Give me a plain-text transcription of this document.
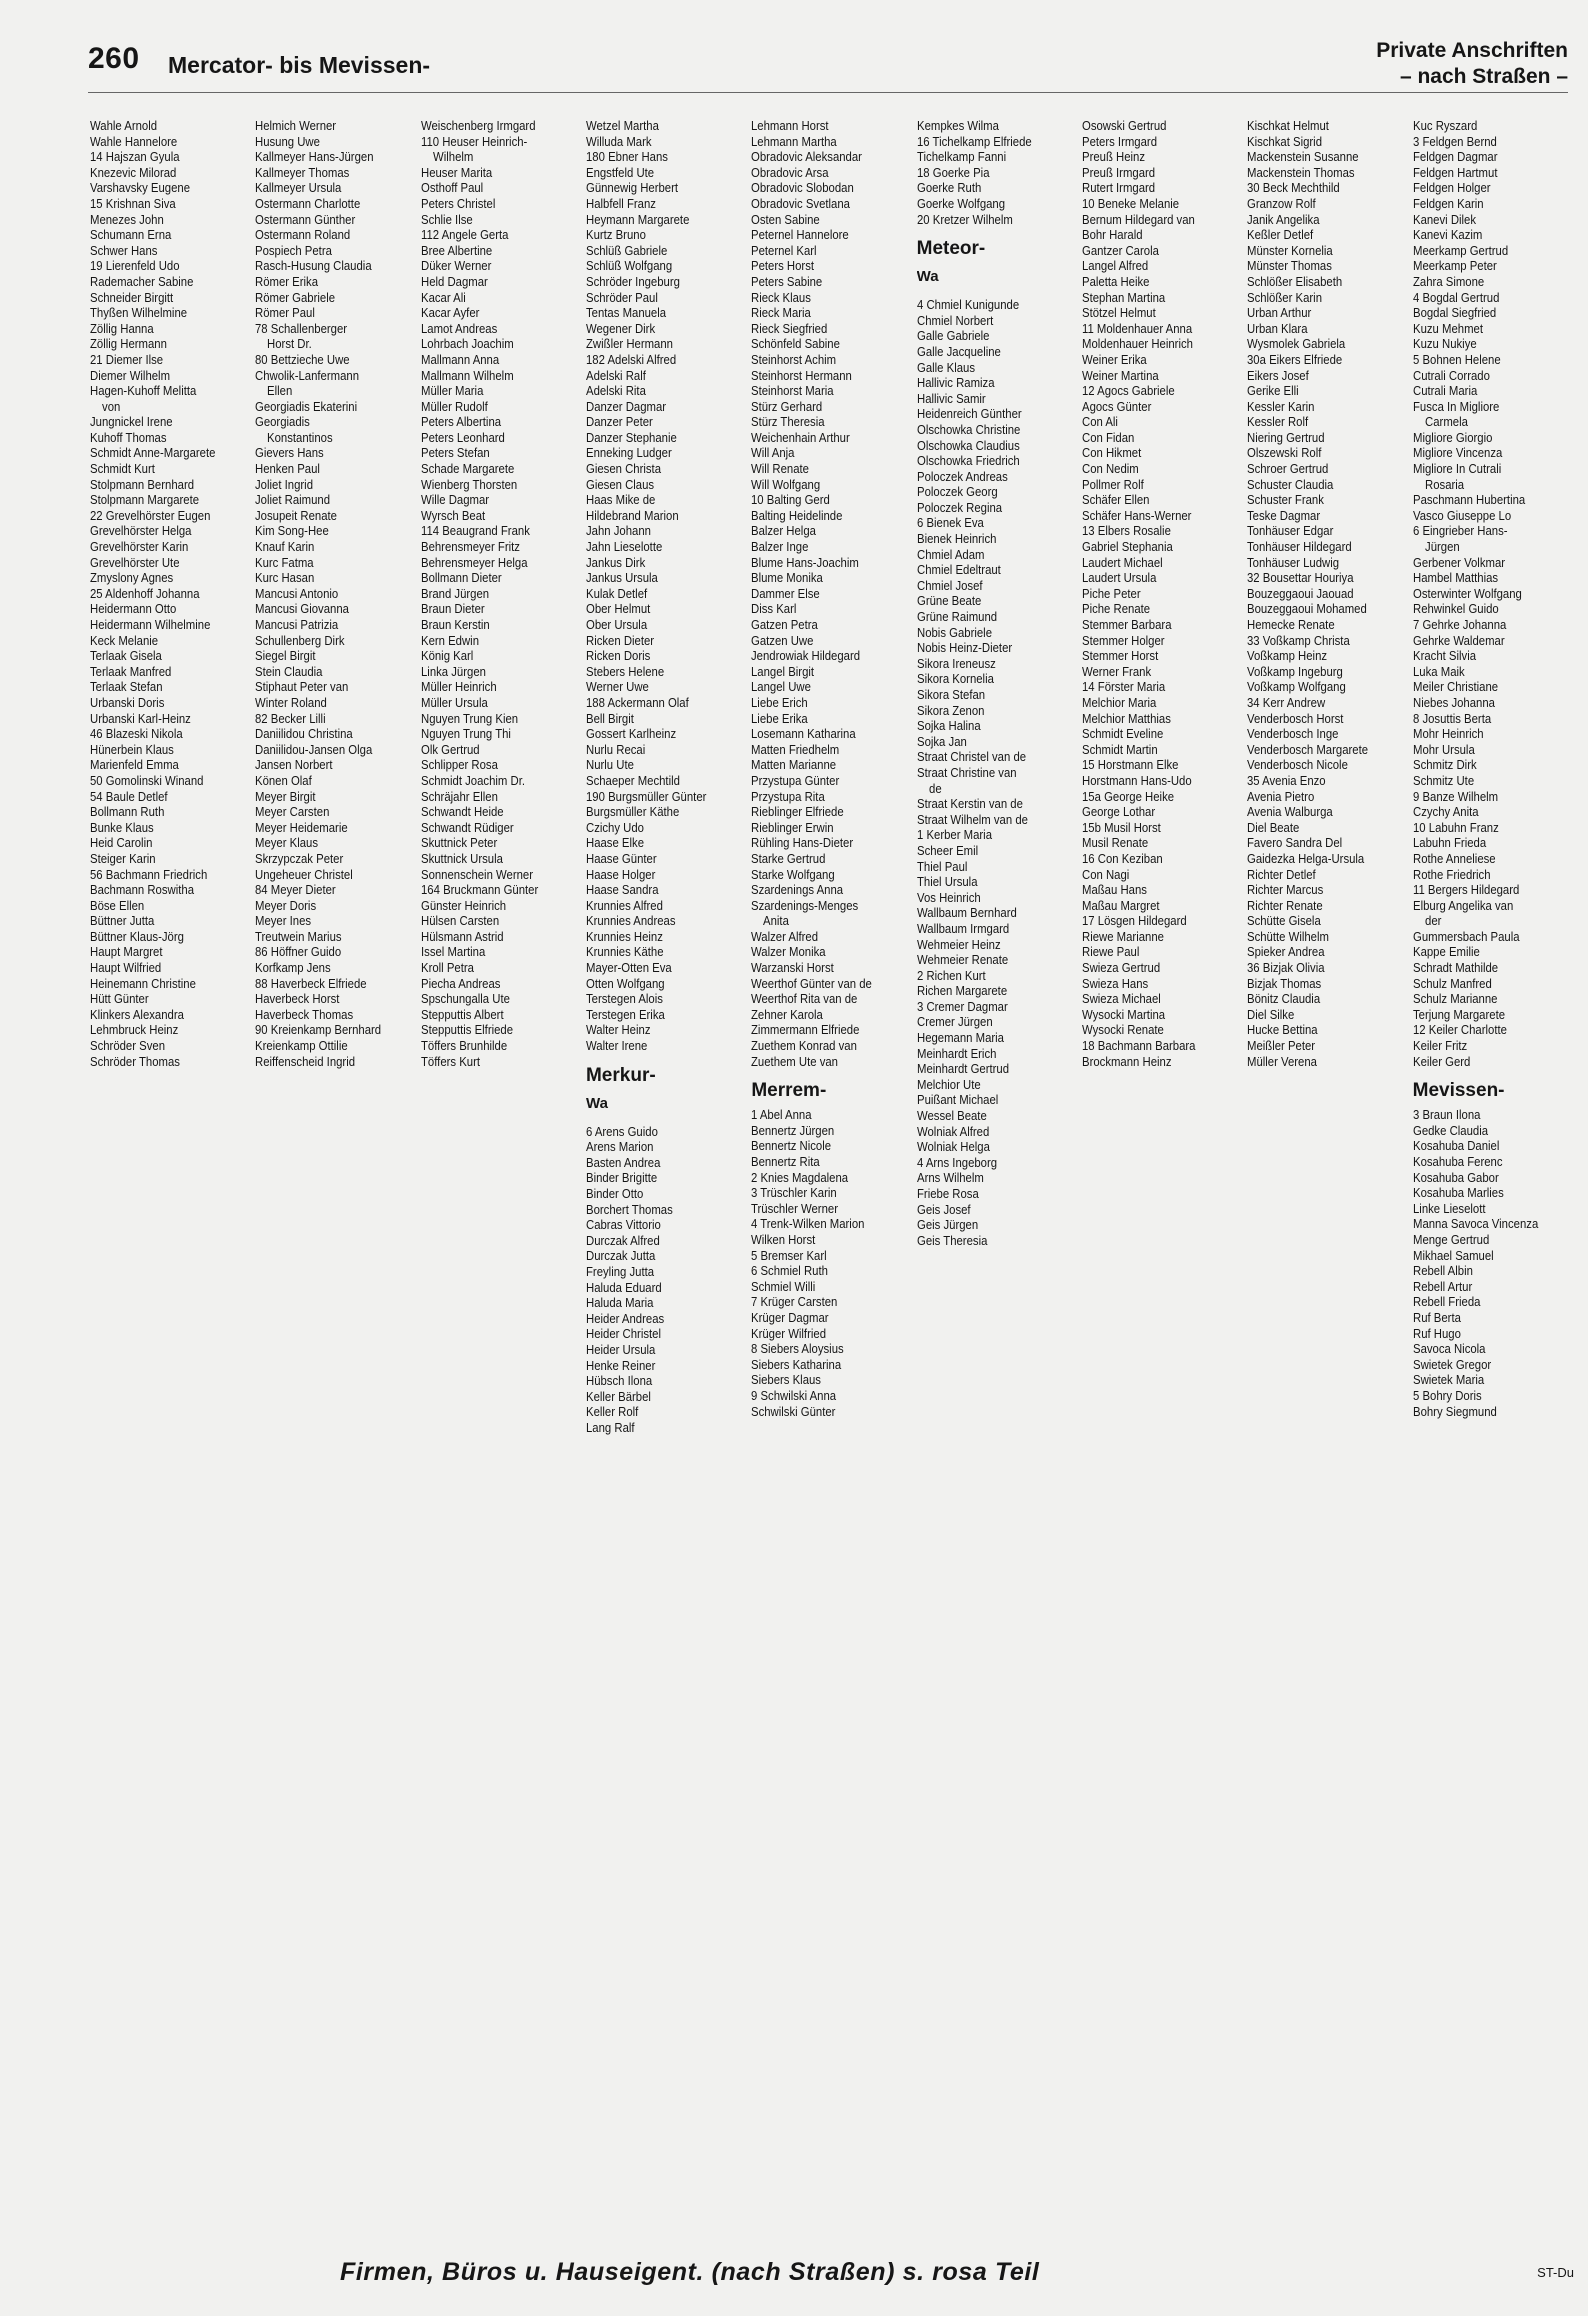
260 Mercator- bis Mevissen-
Private Anschriften
– nach Straßen –
Wahle Arnold
Wahle Hannelore
14 Hajszan Gyula
Knezevic Milorad
Varshavsky Eugene
15 Krishnan Siva
Menezes John
Schumann Erna
Schwer Hans
19 Lierenfeld Udo
Rademacher Sabine
Schneider Birgitt
Thyßen Wilhelmine
Zöllig Hanna
Zöllig Hermann
21 Diemer Ilse
Diemer Wilhelm
Hagen-Kuhoff Melitta
von
Jungnickel Irene
Kuhoff Thomas
Schmidt Anne-Margarete
Schmidt Kurt
Stolpmann Bernhard
Stolpmann Margarete
22 Grevelhörster Eugen
Grevelhörster Helga
Grevelhörster Karin
Grevelhörster Ute
Zmyslony Agnes
25 Aldenhoff Johanna
Heidermann Otto
Heidermann Wilhelmine
Keck Melanie
Terlaak Gisela
Terlaak Manfred
Terlaak Stefan
Urbanski Doris
Urbanski Karl-Heinz
46 Blazeski Nikola
Hünerbein Klaus
Marienfeld Emma
50 Gomolinski Winand
54 Baule Detlef
Bollmann Ruth
Bunke Klaus
Heid Carolin
Steiger Karin
56 Bachmann Friedrich
Bachmann Roswitha
Böse Ellen
Büttner Jutta
Büttner Klaus-Jörg
Haupt Margret
Haupt Wilfried
Heinemann Christine
Hütt Günter
Klinkers Alexandra
Lehmbruck Heinz
Schröder Sven
Schröder Thomas
Helmich Werner
Husung Uwe
Kallmeyer Hans-Jürgen
Kallmeyer Thomas
Kallmeyer Ursula
Ostermann Charlotte
Ostermann Günther
Ostermann Roland
Pospiech Petra
Rasch-Husung Claudia
Römer Erika
Römer Gabriele
Römer Paul
78 Schallenberger
Horst Dr.
80 Bettzieche Uwe
Chwolik-Lanfermann
Ellen
Georgiadis Ekaterini
Georgiadis
Konstantinos
Gievers Hans
Henken Paul
Joliet Ingrid
Joliet Raimund
Josupeit Renate
Kim Song-Hee
Knauf Karin
Kurc Fatma
Kurc Hasan
Mancusi Antonio
Mancusi Giovanna
Mancusi Patrizia
Schullenberg Dirk
Siegel Birgit
Stein Claudia
Stiphaut Peter van
Winter Roland
82 Becker Lilli
Daniilidou Christina
Daniilidou-Jansen Olga
Jansen Norbert
Könen Olaf
Meyer Birgit
Meyer Carsten
Meyer Heidemarie
Meyer Klaus
Skrzypczak Peter
Ungeheuer Christel
84 Meyer Dieter
Meyer Doris
Meyer Ines
Treutwein Marius
86 Höffner Guido
Korfkamp Jens
88 Haverbeck Elfriede
Haverbeck Horst
Haverbeck Thomas
90 Kreienkamp Bernhard
Kreienkamp Ottilie
Reiffenscheid Ingrid
Weischenberg Irmgard
110 Heuser Heinrich-
Wilhelm
Heuser Marita
Osthoff Paul
Peters Christel
Schlie Ilse
112 Angele Gerta
Bree Albertine
Düker Werner
Held Dagmar
Kacar Ali
Kacar Ayfer
Lamot Andreas
Lohrbach Joachim
Mallmann Anna
Mallmann Wilhelm
Müller Maria
Müller Rudolf
Peters Albertina
Peters Leonhard
Peters Stefan
Schade Margarete
Wienberg Thorsten
Wille Dagmar
Wyrsch Beat
114 Beaugrand Frank
Behrensmeyer Fritz
Behrensmeyer Helga
Bollmann Dieter
Brand Jürgen
Braun Dieter
Braun Kerstin
Kern Edwin
König Karl
Linka Jürgen
Müller Heinrich
Müller Ursula
Nguyen Trung Kien
Nguyen Trung Thi
Olk Gertrud
Schlipper Rosa
Schmidt Joachim Dr.
Schräjahr Ellen
Schwandt Heide
Schwandt Rüdiger
Skuttnick Peter
Skuttnick Ursula
Sonnenschein Werner
164 Bruckmann Günter
Günster Heinrich
Hülsen Carsten
Hülsmann Astrid
Issel Martina
Kroll Petra
Piecha Andreas
Spschungalla Ute
Stepputtis Albert
Stepputtis Elfriede
Töffers Brunhilde
Töffers Kurt
Wetzel Martha
Willuda Mark
180 Ebner Hans
Engstfeld Ute
Günnewig Herbert
Halbfell Franz
Heymann Margarete
Kurtz Bruno
Schlüß Gabriele
Schlüß Wolfgang
Schröder Ingeburg
Schröder Paul
Tentas Manuela
Wegener Dirk
Zwißler Hermann
182 Adelski Alfred
Adelski Ralf
Adelski Rita
Danzer Dagmar
Danzer Peter
Danzer Stephanie
Enneking Ludger
Giesen Christa
Giesen Claus
Haas Mike de
Hildebrand Marion
Jahn Johann
Jahn Lieselotte
Jankus Dirk
Jankus Ursula
Kulak Detlef
Ober Helmut
Ober Ursula
Ricken Dieter
Ricken Doris
Stebers Helene
Werner Uwe
188 Ackermann Olaf
Bell Birgit
Gossert Karlheinz
Nurlu Recai
Nurlu Ute
Schaeper Mechtild
190 Burgsmüller Günter
Burgsmüller Käthe
Czichy Udo
Haase Elke
Haase Günter
Haase Holger
Haase Sandra
Krunnies Alfred
Krunnies Andreas
Krunnies Heinz
Krunnies Käthe
Mayer-Otten Eva
Otten Wolfgang
Terstegen Alois
Terstegen Erika
Walter Heinz
Walter Irene
Merkur-
Wa
6 Arens Guido
Arens Marion
Basten Andrea
Binder Brigitte
Binder Otto
Borchert Thomas
Cabras Vittorio
Durczak Alfred
Durczak Jutta
Freyling Jutta
Haluda Eduard
Haluda Maria
Heider Andreas
Heider Christel
Heider Ursula
Henke Reiner
Hübsch Ilona
Keller Bärbel
Keller Rolf
Lang Ralf
Lehmann Horst
Lehmann Martha
Obradovic Aleksandar
Obradovic Arsa
Obradovic Slobodan
Obradovic Svetlana
Osten Sabine
Peternel Hannelore
Peternel Karl
Peters Horst
Peters Sabine
Rieck Klaus
Rieck Maria
Rieck Siegfried
Schönfeld Sabine
Steinhorst Achim
Steinhorst Hermann
Steinhorst Maria
Stürz Gerhard
Stürz Theresia
Weichenhain Arthur
Will Anja
Will Renate
Will Wolfgang
10 Balting Gerd
Balting Heidelinde
Balzer Helga
Balzer Inge
Blume Hans-Joachim
Blume Monika
Dammer Else
Diss Karl
Gatzen Petra
Gatzen Uwe
Jendrowiak Hildegard
Langel Birgit
Langel Uwe
Liebe Erich
Liebe Erika
Losemann Katharina
Matten Friedhelm
Matten Marianne
Przystupa Günter
Przystupa Rita
Rieblinger Elfriede
Rieblinger Erwin
Rühling Hans-Dieter
Starke Gertrud
Starke Wolfgang
Szardenings Anna
Szardenings-Menges
Anita
Walzer Alfred
Walzer Monika
Warzanski Horst
Weerthof Günter van de
Weerthof Rita van de
Zehner Karola
Zimmermann Elfriede
Zuethem Konrad van
Zuethem Ute van
Merrem-
1 Abel Anna
Bennertz Jürgen
Bennertz Nicole
Bennertz Rita
2 Knies Magdalena
3 Trüschler Karin
Trüschler Werner
4 Trenk-Wilken Marion
Wilken Horst
5 Bremser Karl
6 Schmiel Ruth
Schmiel Willi
7 Krüger Carsten
Krüger Dagmar
Krüger Wilfried
8 Siebers Aloysius
Siebers Katharina
Siebers Klaus
9 Schwilski Anna
Schwilski Günter
Kempkes Wilma
16 Tichelkamp Elfriede
Tichelkamp Fanni
18 Goerke Pia
Goerke Ruth
Goerke Wolfgang
20 Kretzer Wilhelm
Meteor-
Wa
4 Chmiel Kunigunde
Chmiel Norbert
Galle Gabriele
Galle Jacqueline
Galle Klaus
Hallivic Ramiza
Hallivic Samir
Heidenreich Günther
Olschowka Christine
Olschowka Claudius
Olschowka Friedrich
Poloczek Andreas
Poloczek Georg
Poloczek Regina
6 Bienek Eva
Bienek Heinrich
Chmiel Adam
Chmiel Edeltraut
Chmiel Josef
Grüne Beate
Grüne Raimund
Nobis Gabriele
Nobis Heinz-Dieter
Sikora Ireneusz
Sikora Kornelia
Sikora Stefan
Sikora Zenon
Sojka Halina
Sojka Jan
Straat Christel van de
Straat Christine van
de
Straat Kerstin van de
Straat Wilhelm van de
1 Kerber Maria
Scheer Emil
Thiel Paul
Thiel Ursula
Vos Heinrich
Wallbaum Bernhard
Wallbaum Irmgard
Wehmeier Heinz
Wehmeier Renate
2 Richen Kurt
Richen Margarete
3 Cremer Dagmar
Cremer Jürgen
Hegemann Maria
Meinhardt Erich
Meinhardt Gertrud
Melchior Ute
Puißant Michael
Wessel Beate
Wolniak Alfred
Wolniak Helga
4 Arns Ingeborg
Arns Wilhelm
Friebe Rosa
Geis Josef
Geis Jürgen
Geis Theresia
Osowski Gertrud
Peters Irmgard
Preuß Heinz
Preuß Irmgard
Rutert Irmgard
10 Beneke Melanie
Bernum Hildegard van
Bohr Harald
Gantzer Carola
Langel Alfred
Paletta Heike
Stephan Martina
Stötzel Helmut
11 Moldenhauer Anna
Moldenhauer Heinrich
Weiner Erika
Weiner Martina
12 Agocs Gabriele
Agocs Günter
Con Ali
Con Fidan
Con Hikmet
Con Nedim
Pollmer Rolf
Schäfer Ellen
Schäfer Hans-Werner
13 Elbers Rosalie
Gabriel Stephania
Laudert Michael
Laudert Ursula
Piche Peter
Piche Renate
Stemmer Barbara
Stemmer Holger
Stemmer Horst
Werner Frank
14 Förster Maria
Melchior Maria
Melchior Matthias
Schmidt Eveline
Schmidt Martin
15 Horstmann Elke
Horstmann Hans-Udo
15a George Heike
George Lothar
15b Musil Horst
Musil Renate
16 Con Keziban
Con Nagi
Maßau Hans
Maßau Margret
17 Lösgen Hildegard
Riewe Marianne
Riewe Paul
Swieza Gertrud
Swieza Hans
Swieza Michael
Wysocki Martina
Wysocki Renate
18 Bachmann Barbara
Brockmann Heinz
Kischkat Helmut
Kischkat Sigrid
Mackenstein Susanne
Mackenstein Thomas
30 Beck Mechthild
Granzow Rolf
Janik Angelika
Keßler Detlef
Münster Kornelia
Münster Thomas
Schlößer Elisabeth
Schlößer Karin
Urban Arthur
Urban Klara
Wysmolek Gabriela
30a Eikers Elfriede
Eikers Josef
Gerike Elli
Kessler Karin
Kessler Rolf
Niering Gertrud
Olszewski Rolf
Schroer Gertrud
Schuster Claudia
Schuster Frank
Teske Dagmar
Tonhäuser Edgar
Tonhäuser Hildegard
Tonhäuser Ludwig
32 Bousettar Houriya
Bouzeggaoui Jaouad
Bouzeggaoui Mohamed
Hemecke Renate
33 Voßkamp Christa
Voßkamp Heinz
Voßkamp Ingeburg
Voßkamp Wolfgang
34 Kerr Andrew
Venderbosch Horst
Venderbosch Inge
Venderbosch Margarete
Venderbosch Nicole
35 Avenia Enzo
Avenia Pietro
Avenia Walburga
Diel Beate
Favero Sandra Del
Gaidezka Helga-Ursula
Richter Detlef
Richter Marcus
Richter Renate
Schütte Gisela
Schütte Wilhelm
Spieker Andrea
36 Bizjak Olivia
Bizjak Thomas
Bönitz Claudia
Diel Silke
Hucke Bettina
Meißler Peter
Müller Verena
Kuc Ryszard
3 Feldgen Bernd
Feldgen Dagmar
Feldgen Hartmut
Feldgen Holger
Feldgen Karin
Kanevi Dilek
Kanevi Kazim
Meerkamp Gertrud
Meerkamp Peter
Zahra Simone
4 Bogdal Gertrud
Bogdal Siegfried
Kuzu Mehmet
Kuzu Nukiye
5 Bohnen Helene
Cutrali Corrado
Cutrali Maria
Fusca In Migliore
Carmela
Migliore Giorgio
Migliore Vincenza
Migliore In Cutrali
Rosaria
Paschmann Hubertina
Vasco Giuseppe Lo
6 Eingrieber Hans-
Jürgen
Gerbener Volkmar
Hambel Matthias
Osterwinter Wolfgang
Rehwinkel Guido
7 Gehrke Johanna
Gehrke Waldemar
Kracht Silvia
Luka Maik
Meiler Christiane
Niebes Johanna
8 Josuttis Berta
Mohr Heinrich
Mohr Ursula
Schmitz Dirk
Schmitz Ute
9 Banze Wilhelm
Czychy Anita
10 Labuhn Franz
Labuhn Frieda
Rothe Anneliese
Rothe Friedrich
11 Bergers Hildegard
Elburg Angelika van
der
Gummersbach Paula
Kappe Emilie
Schradt Mathilde
Schulz Manfred
Schulz Marianne
Terjung Margarete
12 Keiler Charlotte
Keiler Fritz
Keiler Gerd
Mevissen-
3 Braun Ilona
Gedke Claudia
Kosahuba Daniel
Kosahuba Ferenc
Kosahuba Gabor
Kosahuba Marlies
Linke Lieselott
Manna Savoca Vincenza
Menge Gertrud
Mikhael Samuel
Rebell Albin
Rebell Artur
Rebell Frieda
Ruf Berta
Ruf Hugo
Savoca Nicola
Swietek Gregor
Swietek Maria
5 Bohry Doris
Bohry Siegmund
Firmen, Büros u. Hauseigent. (nach Straßen) s. rosa Teil	ST-Du
